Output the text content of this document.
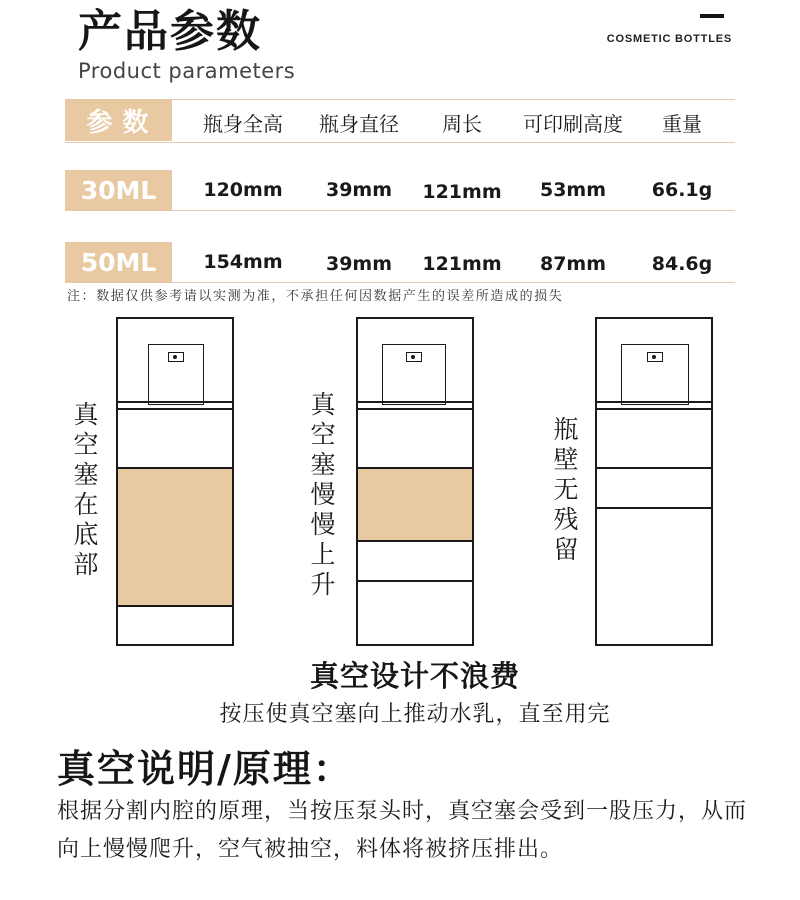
产品参数
Product parameters
COSMETIC BOTTLES
参数	瓶身全高	瓶身直径	周长	可印刷高度	重量
30ML	120mm	39mm	121mm	53mm	66.1g
50ML	154mm	39mm	121mm	87mm	84.6g
注：数据仅供参考请以实测为准，不承担任何因数据产生的误差所造成的损失
真空塞在底部
真空塞慢慢上升
瓶壁无残留
真空设计不浪费
按压使真空塞向上推动水乳，直至用完
真空说明/原理：
根据分割内腔的原理，当按压泵头时，真空塞会受到一股压力，从而向上慢慢爬升，空气被抽空，料体将被挤压排出。
